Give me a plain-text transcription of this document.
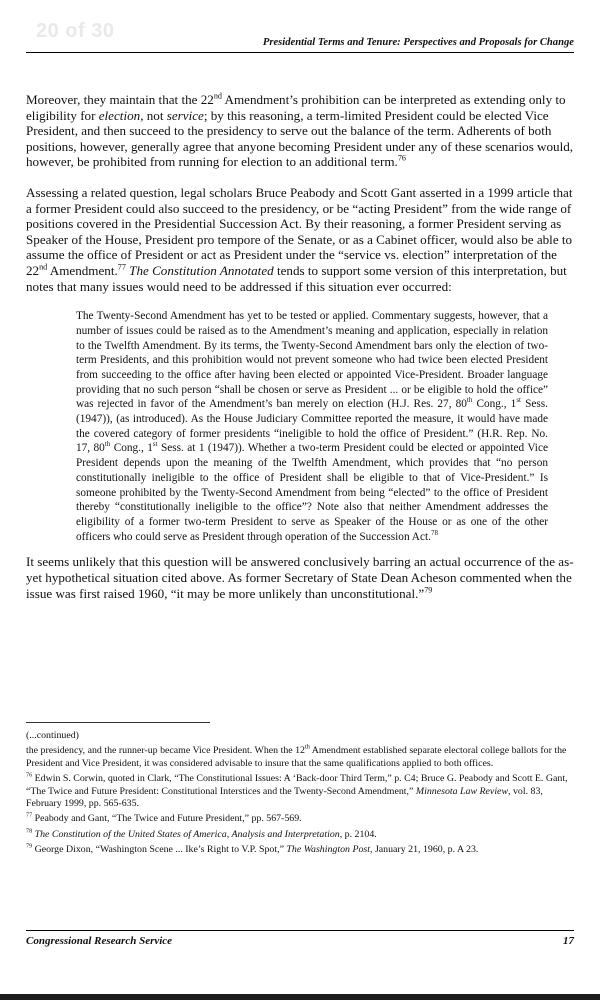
20 of 30
Presidential Terms and Tenure: Perspectives and Proposals for Change

Moreover, they maintain that the 22nd Amendment’s prohibition can be interpreted as extending only to eligibility for election, not service; by this reasoning, a term-limited President could be elected Vice President, and then succeed to the presidency to serve out the balance of the term. Adherents of both positions, however, generally agree that anyone becoming President under any of these scenarios would, however, be prohibited from running for election to an additional term.$^{76}$

Assessing a related question, legal scholars Bruce Peabody and Scott Gant asserted in a 1999 article that a former President could also succeed to the presidency, or be “acting President” from the wide range of positions covered in the Presidential Succession Act. By their reasoning, a former President serving as Speaker of the House, President pro tempore of the Senate, or as a Cabinet officer, would also be able to assume the office of President or act as President under the “service vs. election” interpretation of the 22nd Amendment.$^{77}$ The Constitution Annotated tends to support some version of this interpretation, but notes that many issues would need to be addressed if this situation ever occurred:

The Twenty-Second Amendment has yet to be tested or applied. Commentary suggests, however, that a number of issues could be raised as to the Amendment’s meaning and application, especially in relation to the Twelfth Amendment. By its terms, the Twenty-Second Amendment bars only the election of two-term Presidents, and this prohibition would not prevent someone who had twice been elected President from succeeding to the office after having been elected or appointed Vice-President. Broader language providing that no such person “shall be chosen or serve as President ... or be eligible to hold the office” was rejected in favor of the Amendment’s ban merely on election (H.J. Res. 27, 80th Cong., 1st Sess. (1947)), (as introduced). As the House Judiciary Committee reported the measure, it would have made the covered category of former presidents “ineligible to hold the office of President.” (H.R. Rep. No. 17, 80th Cong., 1st Sess. at 1 (1947)). Whether a two-term President could be elected or appointed Vice President depends upon the meaning of the Twelfth Amendment, which provides that “no person constitutionally ineligible to the office of President shall be eligible to that of Vice-President.” Is someone prohibited by the Twenty-Second Amendment from being “elected” to the office of President thereby “constitutionally ineligible to the office”? Note also that neither Amendment addresses the eligibility of a former two-term President to serve as Speaker of the House or as one of the other officers who could serve as President through operation of the Succession Act.$^{78}$

It seems unlikely that this question will be answered conclusively barring an actual occurrence of the as-yet hypothetical situation cited above. As former Secretary of State Dean Acheson commented when the issue was first raised 1960, “it may be more unlikely than unconstitutional.”$^{79}$

(...continued)

the presidency, and the runner-up became Vice President. When the 12th Amendment established separate electoral college ballots for the President and Vice President, it was considered advisable to insure that the same qualifications applied to both offices.

$^{76}$ Edwin S. Corwin, quoted in Clark, “The Constitutional Issues: A ‘Back-door Third Term,” p. C4; Bruce G. Peabody and Scott E. Gant, “The Twice and Future President: Constitutional Interstices and the Twenty-Second Amendment,” Minnesota Law Review, vol. 83, February 1999, pp. 565-635.

$^{77}$ Peabody and Gant, “The Twice and Future President,” pp. 567-569.

$^{78}$ The Constitution of the United States of America, Analysis and Interpretation, p. 2104.

$^{79}$ George Dixon, “Washington Scene ... Ike’s Right to V.P. Spot,” The Washington Post, January 21, 1960, p. A 23.

Congressional Research Service	17
